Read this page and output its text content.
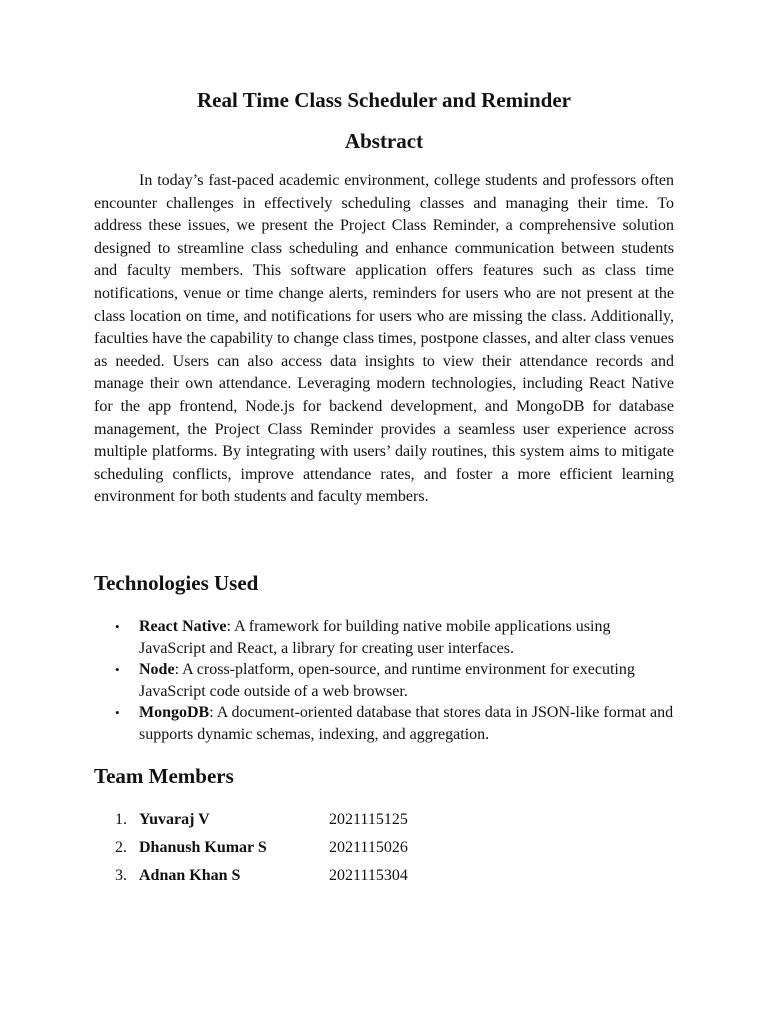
Real Time Class Scheduler and Reminder
Abstract

In today’s fast-paced academic environment, college students and professors often encounter challenges in effectively scheduling classes and managing their time. To address these issues, we present the Project Class Reminder, a comprehensive solution designed to streamline class scheduling and enhance communication between students and faculty members. This software application offers features such as class time notifications, venue or time change alerts, reminders for users who are not present at the class location on time, and notifications for users who are missing the class. Additionally, faculties have the capability to change class times, postpone classes, and alter class venues as needed. Users can also access data insights to view their attendance records and manage their own attendance. Leveraging modern technologies, including React Native for the app frontend, Node.js for backend development, and MongoDB for database management, the Project Class Reminder provides a seamless user experience across multiple platforms. By integrating with users’ daily routines, this system aims to mitigate scheduling conflicts, improve attendance rates, and foster a more efficient learning environment for both students and faculty members.

Technologies Used
• React Native: A framework for building native mobile applications using JavaScript and React, a library for creating user interfaces.
• Node: A cross-platform, open-source, and runtime environment for executing JavaScript code outside of a web browser.
• MongoDB: A document-oriented database that stores data in JSON-like format and supports dynamic schemas, indexing, and aggregation.
Team Members
1. Yuvaraj V	2021115125
2. Dhanush Kumar S	2021115026
3. Adnan Khan S	2021115304
